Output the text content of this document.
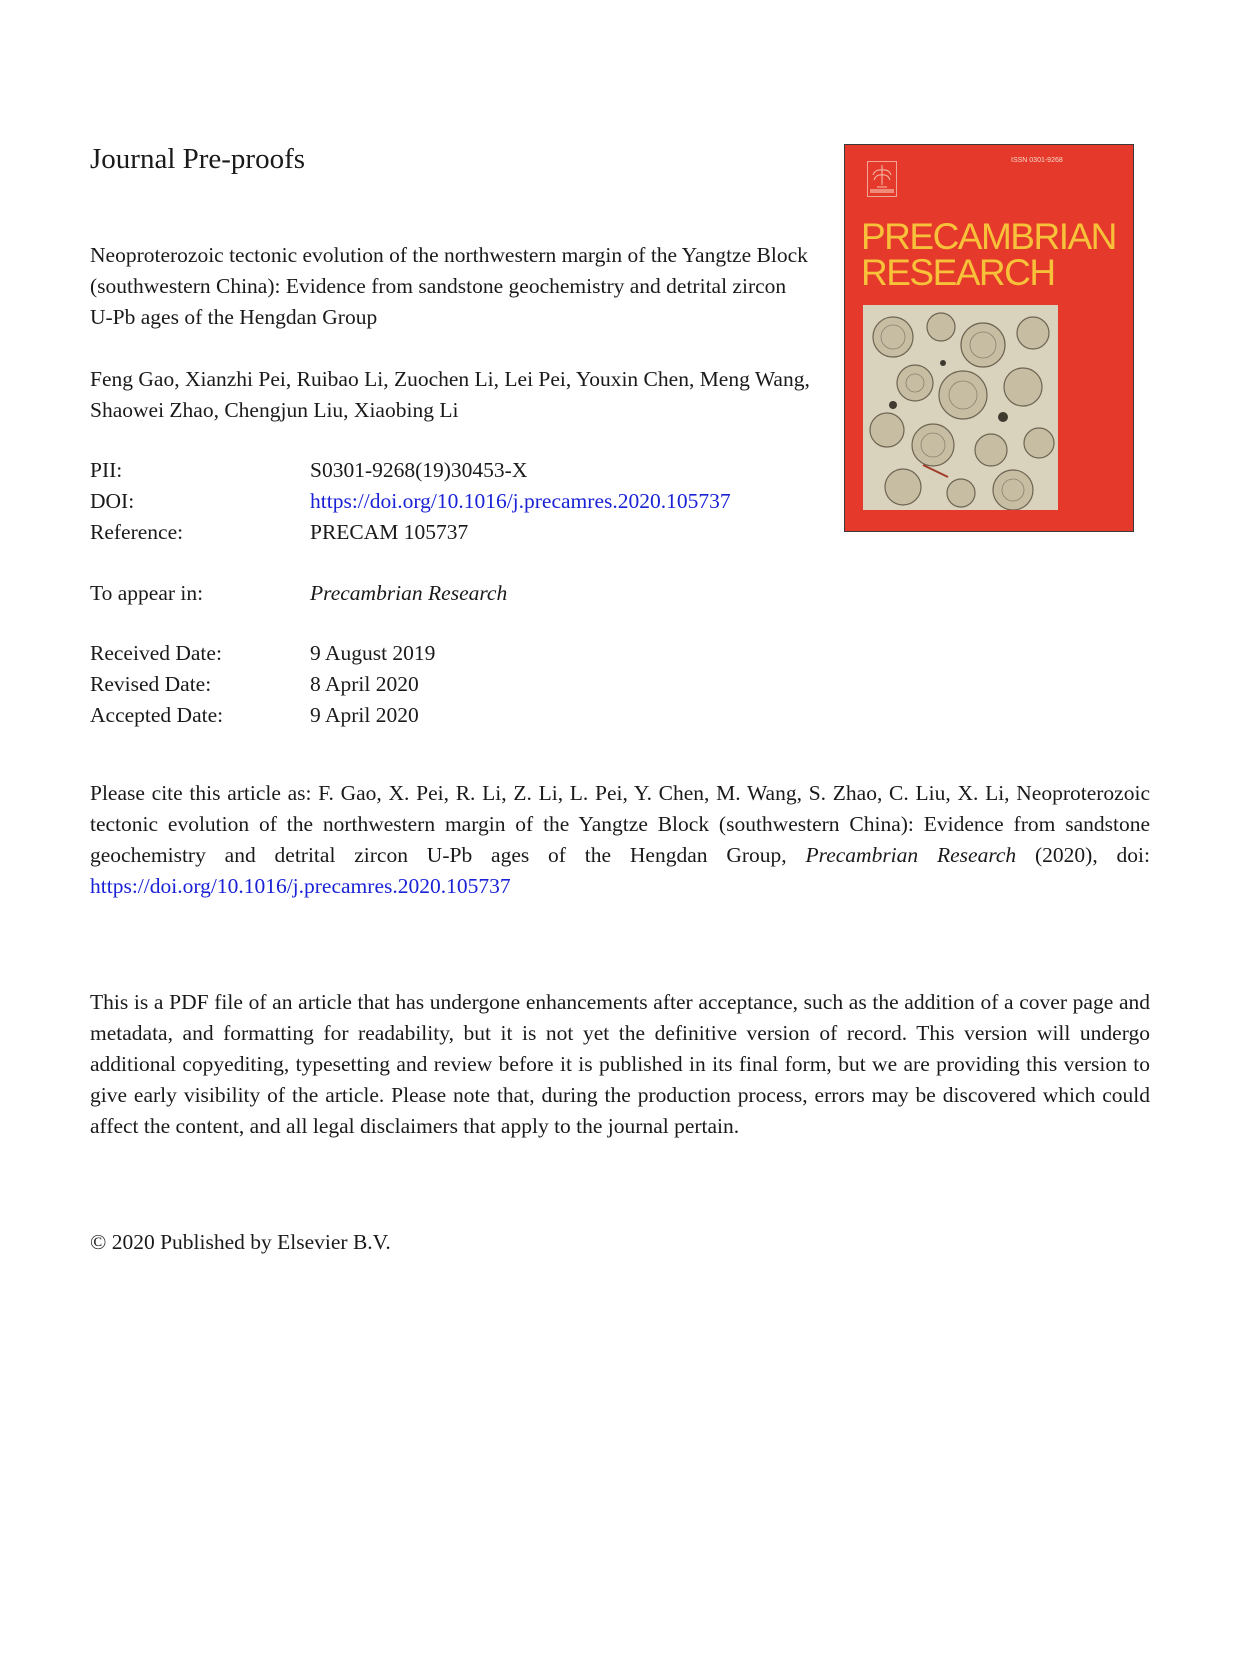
Journal Pre-proofs
Neoproterozoic tectonic evolution of the northwestern margin of the Yangtze Block (southwestern China): Evidence from sandstone geochemistry and detrital zircon U-Pb ages of the Hengdan Group
Feng Gao, Xianzhi Pei, Ruibao Li, Zuochen Li, Lei Pei, Youxin Chen, Meng Wang, Shaowei Zhao, Chengjun Liu, Xiaobing Li
PII:	S0301-9268(19)30453-X
DOI:	https://doi.org/10.1016/j.precamres.2020.105737
Reference:	PRECAM 105737
To appear in:	Precambrian Research
Received Date:	9 August 2019
Revised Date:	8 April 2020
Accepted Date:	9 April 2020
Please cite this article as: F. Gao, X. Pei, R. Li, Z. Li, L. Pei, Y. Chen, M. Wang, S. Zhao, C. Liu, X. Li, Neoproterozoic tectonic evolution of the northwestern margin of the Yangtze Block (southwestern China): Evidence from sandstone geochemistry and detrital zircon U-Pb ages of the Hengdan Group, Precambrian Research (2020), doi: https://doi.org/10.1016/j.precamres.2020.105737
This is a PDF file of an article that has undergone enhancements after acceptance, such as the addition of a cover page and metadata, and formatting for readability, but it is not yet the definitive version of record. This version will undergo additional copyediting, typesetting and review before it is published in its final form, but we are providing this version to give early visibility of the article. Please note that, during the production process, errors may be discovered which could affect the content, and all legal disclaimers that apply to the journal pertain.
© 2020 Published by Elsevier B.V.
ISSN 0301-9268
PRECAMBRIAN
RESEARCH
